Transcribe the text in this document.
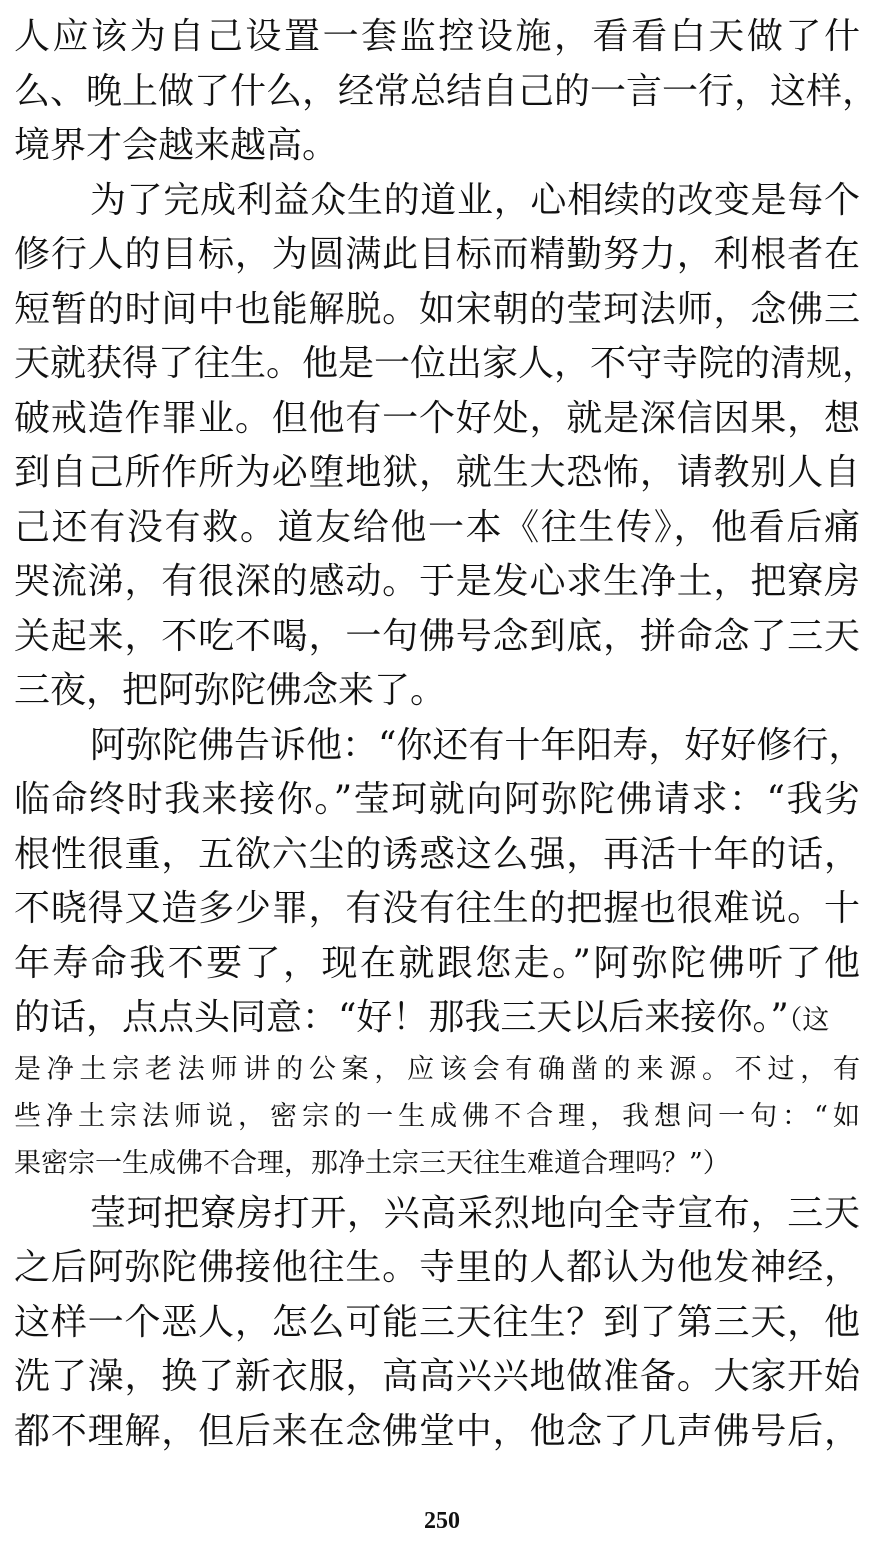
人应该为自己设置一套监控设施，看看白天做了什
么、晚上做了什么，经常总结自己的一言一行，这样，
境界才会越来越高。
为了完成利益众生的道业，心相续的改变是每个
修行人的目标，为圆满此目标而精勤努力，利根者在
短暂的时间中也能解脱。如宋朝的莹珂法师，念佛三
天就获得了往生。他是一位出家人，不守寺院的清规，
破戒造作罪业。但他有一个好处，就是深信因果，想
到自己所作所为必堕地狱，就生大恐怖，请教别人自
己还有没有救。道友给他一本《往生传》，他看后痛
哭流涕，有很深的感动。于是发心求生净土，把寮房
关起来，不吃不喝，一句佛号念到底，拼命念了三天
三夜，把阿弥陀佛念来了。
阿弥陀佛告诉他：“你还有十年阳寿，好好修行，
临命终时我来接你。”莹珂就向阿弥陀佛请求：“我劣
根性很重，五欲六尘的诱惑这么强，再活十年的话，
不晓得又造多少罪，有没有往生的把握也很难说。十
年寿命我不要了，现在就跟您走。”阿弥陀佛听了他
的话，点点头同意：“好！那我三天以后来接你。”（这
是净土宗老法师讲的公案，应该会有确凿的来源。不过，有
些净土宗法师说，密宗的一生成佛不合理，我想问一句：“如
果密宗一生成佛不合理，那净土宗三天往生难道合理吗？”）
莹珂把寮房打开，兴高采烈地向全寺宣布，三天
之后阿弥陀佛接他往生。寺里的人都认为他发神经，
这样一个恶人，怎么可能三天往生？到了第三天，他
洗了澡，换了新衣服，高高兴兴地做准备。大家开始
都不理解，但后来在念佛堂中，他念了几声佛号后，
250
